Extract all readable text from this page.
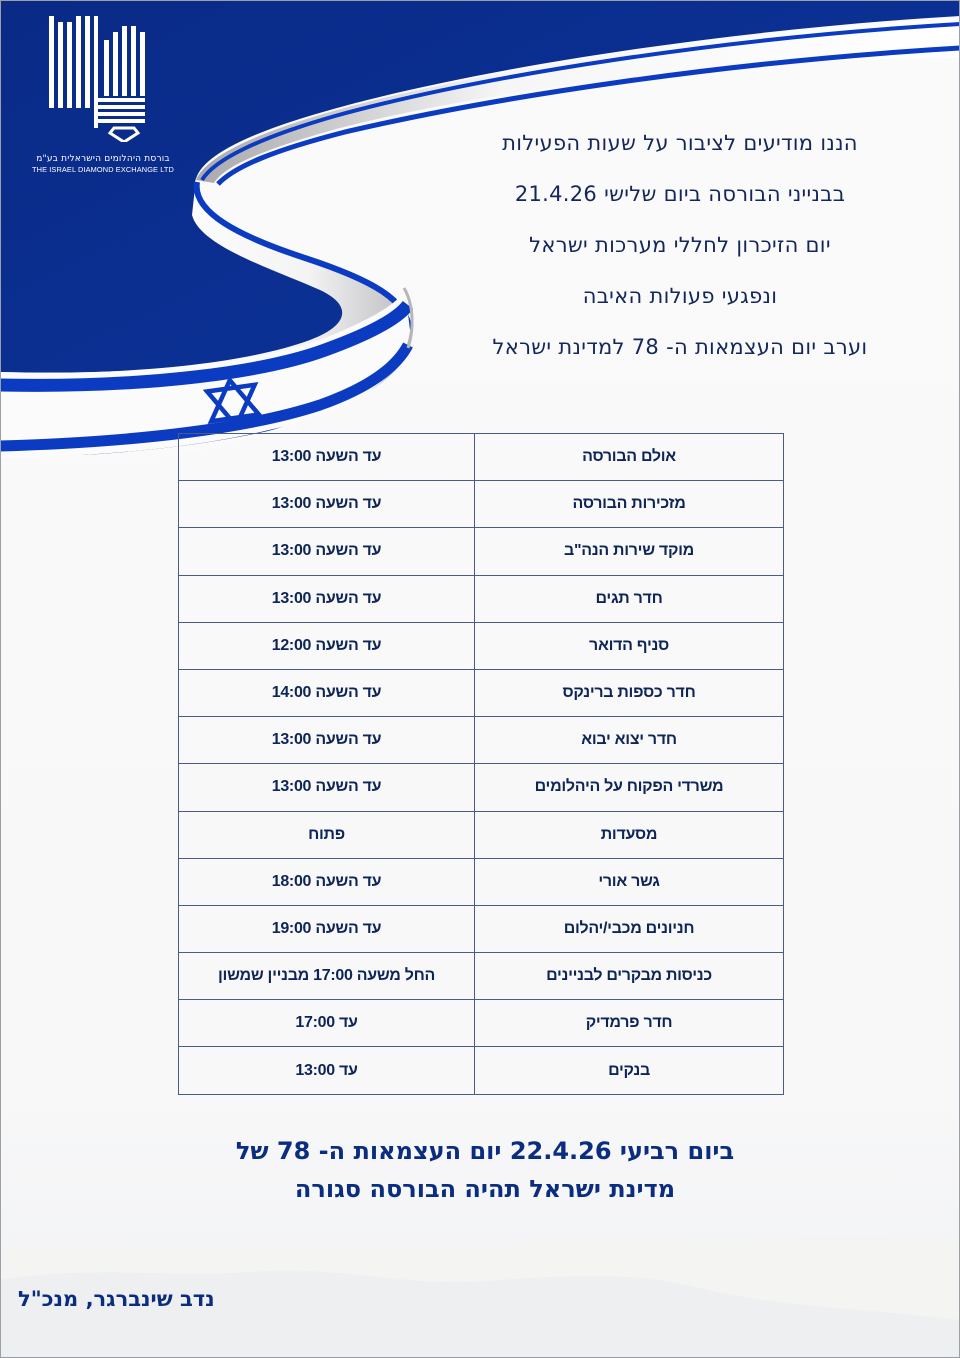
בורסת היהלומים הישראלית בע"מ
THE ISRAEL DIAMOND EXCHANGE LTD
הננו מודיעים לציבור על שעות הפעילות
בבנייני הבורסה ביום שלישי 21.4.26
יום הזיכרון לחללי מערכות ישראל
ונפגעי פעולות האיבה
וערב יום העצמאות ה- 78 למדינת ישראל
אולם הבורסה	עד השעה 13:00
מזכירות הבורסה	עד השעה 13:00
מוקד שירות הנה"ב	עד השעה 13:00
חדר תגים	עד השעה 13:00
סניף הדואר	עד השעה 12:00
חדר כספות ברינקס	עד השעה 14:00
חדר יצוא יבוא	עד השעה 13:00
משרדי הפקוח על היהלומים	עד השעה 13:00
מסעדות	פתוח
גשר אורי	עד השעה 18:00
חניונים מכבי/יהלום	עד השעה 19:00
כניסות מבקרים לבניינים	החל משעה 17:00 מבניין שמשון
חדר פרמדיק	עד 17:00
בנקים	עד 13:00
ביום רביעי 22.4.26 יום העצמאות ה- 78 של
מדינת ישראל תהיה הבורסה סגורה
נדב שינברגר, מנכ"ל
